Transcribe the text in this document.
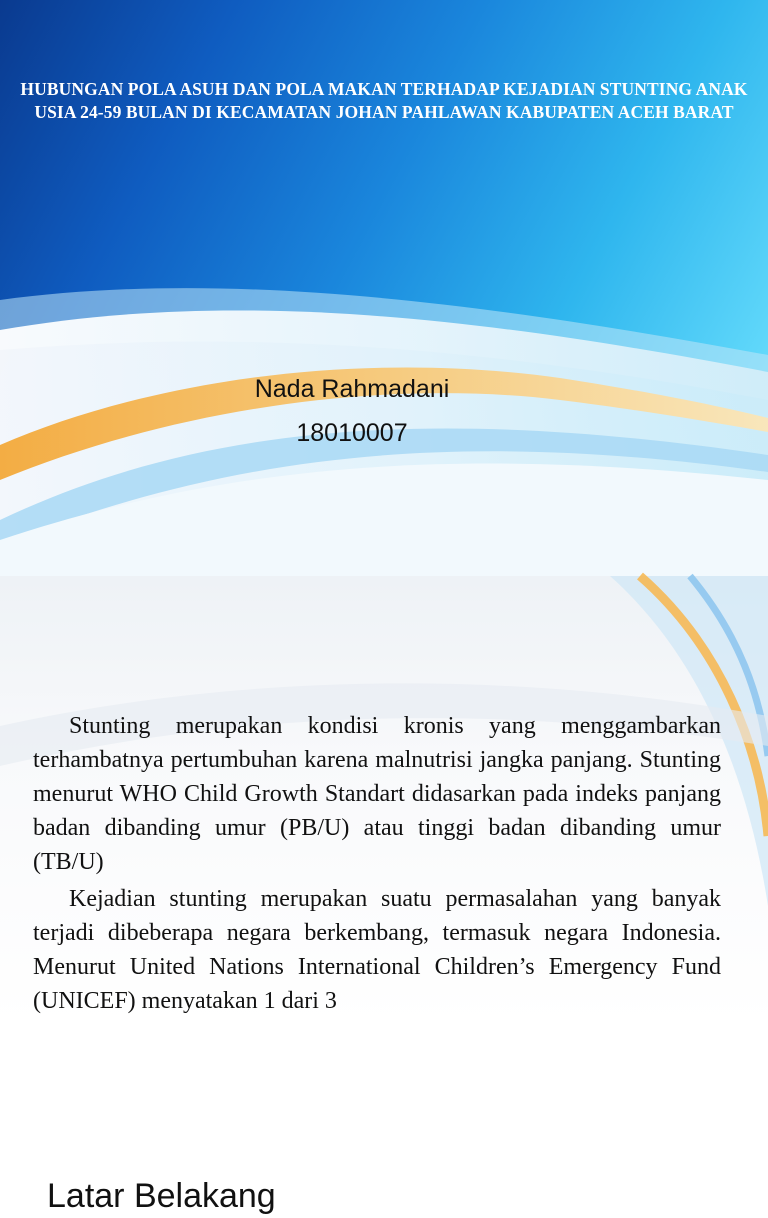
HUBUNGAN POLA ASUH DAN POLA MAKAN TERHADAP KEJADIAN STUNTING ANAK USIA 24-59 BULAN DI KECAMATAN JOHAN PAHLAWAN KABUPATEN ACEH BARAT

Nada Rahmadani

18010007

Latar Belakang

Stunting merupakan kondisi kronis yang menggambarkan terhambatnya pertumbuhan karena malnutrisi jangka panjang. Stunting menurut WHO Child Growth Standart didasarkan pada indeks panjang badan dibanding umur (PB/U) atau tinggi badan dibanding umur (TB/U)

Kejadian stunting merupakan suatu permasalahan yang banyak terjadi dibeberapa negara berkembang, termasuk negara Indonesia. Menurut United Nations International Children’s Emergency Fund (UNICEF) menyatakan 1 dari 3
